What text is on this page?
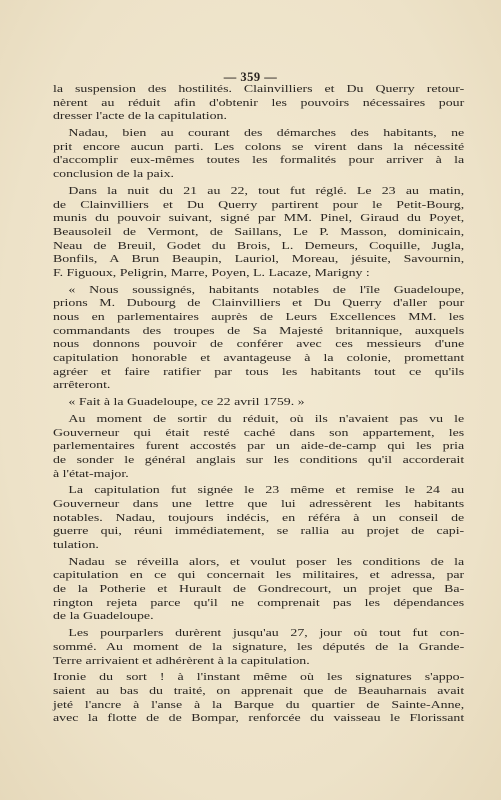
— 359 —
la suspension des hostilités. Clainvilliers et Du Querry retour-
nèrent au réduit afin d'obtenir les pouvoirs nécessaires pour
dresser l'acte de la capitulation.
Nadau, bien au courant des démarches des habitants, ne
prit encore aucun parti. Les colons se virent dans la nécessité
d'accomplir eux-mêmes toutes les formalités pour arriver à la
conclusion de la paix.
Dans la nuit du 21 au 22, tout fut réglé. Le 23 au matin,
de Clainvilliers et Du Querry partirent pour le Petit-Bourg,
munis du pouvoir suivant, signé par MM. Pinel, Giraud du Poyet,
Beausoleil de Vermont, de Saillans, Le P. Masson, dominicain,
Neau de Breuil, Godet du Brois, L. Demeurs, Coquille, Jugla,
Bonfils, A Brun Beaupin, Lauriol, Moreau, jésuite, Savournin,
F. Figuoux, Peligrin, Marre, Poyen, L. Lacaze, Marigny :
« Nous soussignés, habitants notables de l'île Guadeloupe,
prions M. Dubourg de Clainvilliers et Du Querry d'aller pour
nous en parlementaires auprès de Leurs Excellences MM. les
commandants des troupes de Sa Majesté britannique, auxquels
nous donnons pouvoir de conférer avec ces messieurs d'une
capitulation honorable et avantageuse à la colonie, promettant
agréer et faire ratifier par tous les habitants tout ce qu'ils
arrêteront.
« Fait à la Guadeloupe, ce 22 avril 1759. »
Au moment de sortir du réduit, où ils n'avaient pas vu le
Gouverneur qui était resté caché dans son appartement, les
parlementaires furent accostés par un aide-de-camp qui les pria
de sonder le général anglais sur les conditions qu'il accorderait
à l'état-major.
La capitulation fut signée le 23 même et remise le 24 au
Gouverneur dans une lettre que lui adressèrent les habitants
notables. Nadau, toujours indécis, en référa à un conseil de
guerre qui, réuni immédiatement, se rallia au projet de capi-
tulation.
Nadau se réveilla alors, et voulut poser les conditions de la
capitulation en ce qui concernait les militaires, et adressa, par
de la Potherie et Hurault de Gondrecourt, un projet que Ba-
rington rejeta parce qu'il ne comprenait pas les dépendances
de la Guadeloupe.
Les pourparlers durèrent jusqu'au 27, jour où tout fut con-
sommé. Au moment de la signature, les députés de la Grande-
Terre arrivaient et adhérèrent à la capitulation.
Ironie du sort ! à l'instant même où les signatures s'appo-
saient au bas du traité, on apprenait que de Beauharnais avait
jeté l'ancre à l'anse à la Barque du quartier de Sainte-Anne,
avec la flotte de de Bompar, renforcée du vaisseau le Florissant
